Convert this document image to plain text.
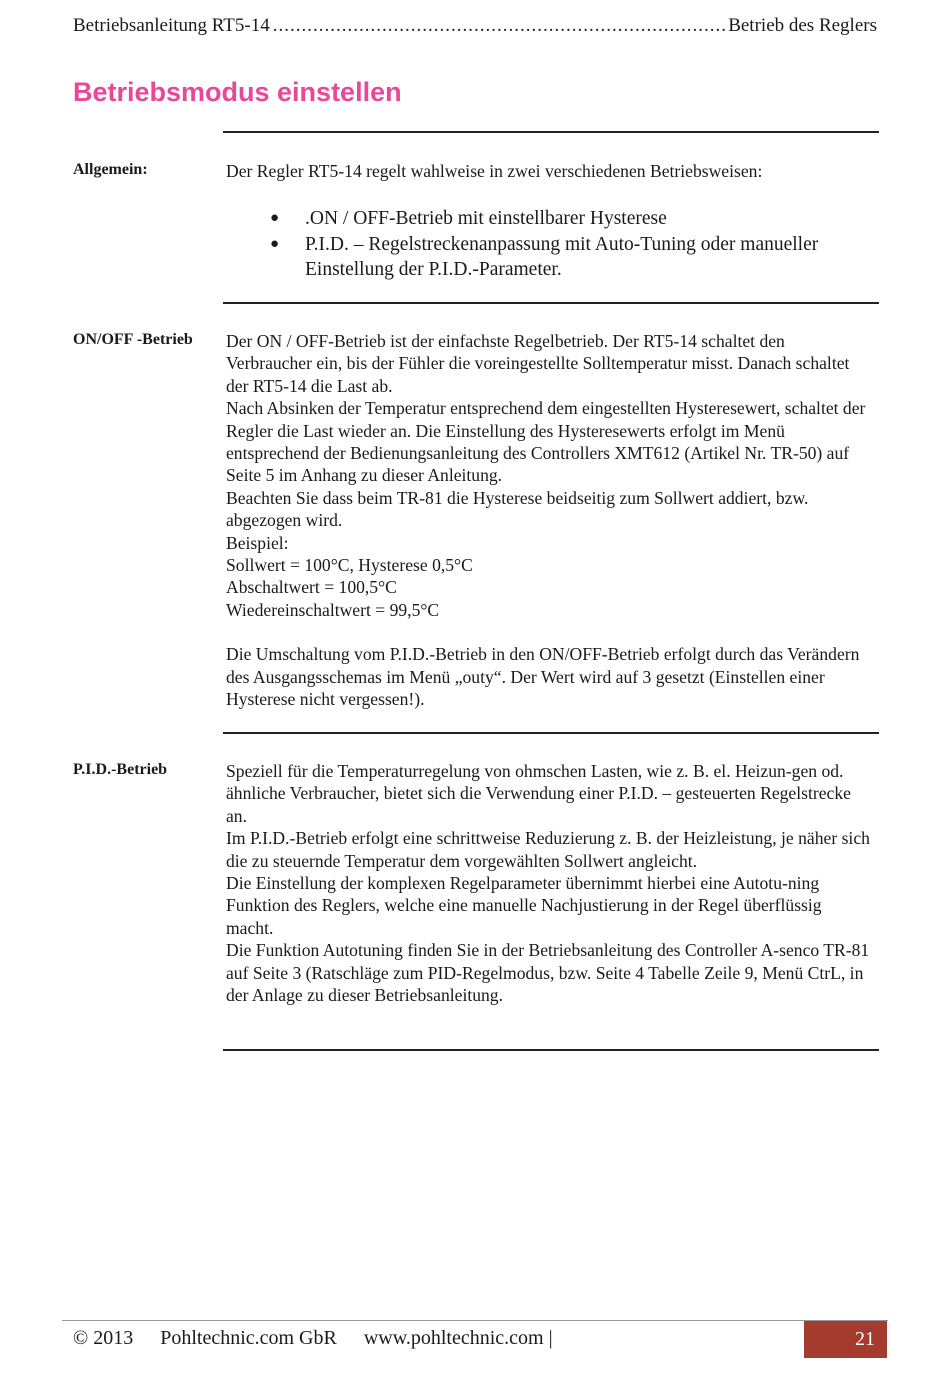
Betriebsanleitung RT5-14
.....	Betrieb des Reglers
Betriebsmodus einstellen
Allgemein:	Der Regler RT5-14 regelt wahlweise in zwei verschiedenen Betriebsweisen:

●	.ON / OFF-Betrieb mit einstellbarer Hysterese
●	P.I.D. – Regelstreckenanpassung mit Auto-Tuning oder manueller Einstellung der P.I.D.-Parameter.
ON/OFF -Betrieb Der ON / OFF-Betrieb ist der einfachste Regelbetrieb. Der RT5-14 schaltet den Verbraucher ein, bis der Fühler die voreingestellte Solltemperatur misst. Danach schaltet der RT5-14 die Last ab.

Nach Absinken der Temperatur entsprechend dem eingestellten Hysteresewert, schaltet der Regler die Last wieder an. Die Einstellung des Hysteresewerts erfolgt im Menü entsprechend der Bedienungsanleitung des Controllers XMT612 (Artikel Nr. TR-50) auf Seite 5 im Anhang zu dieser Anleitung.

Beachten Sie dass beim TR-81 die Hysterese beidseitig zum Sollwert addiert, bzw. abgezogen wird.

Beispiel:

Sollwert = 100°C, Hysterese 0,5°C

Abschaltwert = 100,5°C

Wiedereinschaltwert = 99,5°C

Die Umschaltung vom P.I.D.-Betrieb in den ON/OFF-Betrieb erfolgt durch das Verändern des Ausgangsschemas im Menü „outy“. Der Wert wird auf 3 gesetzt (Einstellen einer Hysterese nicht vergessen!).

P.I.D.-Betrieb	Speziell für die Temperaturregelung von ohmschen Lasten, wie z. B. el. Heizun-gen od. ähnliche Verbraucher, bietet sich die Verwendung einer P.I.D. – gesteuerten Regelstrecke an.

Im P.I.D.-Betrieb erfolgt eine schrittweise Reduzierung z. B. der Heizleistung, je näher sich die zu steuernde Temperatur dem vorgewählten Sollwert angleicht.

Die Einstellung der komplexen Regelparameter übernimmt hierbei eine Autotu-ning Funktion des Reglers, welche eine manuelle Nachjustierung in der Regel überflüssig macht.

Die Funktion Autotuning finden Sie in der Betriebsanleitung des Controller A-senco TR-81 auf Seite 3 (Ratschläge zum PID-Regelmodus, bzw. Seite 4 Tabelle Zeile 9, Menü CtrL, in der Anlage zu dieser Betriebsanleitung.

© 2013 Pohltechnic.com GbR www.pohltechnic.com |	21
